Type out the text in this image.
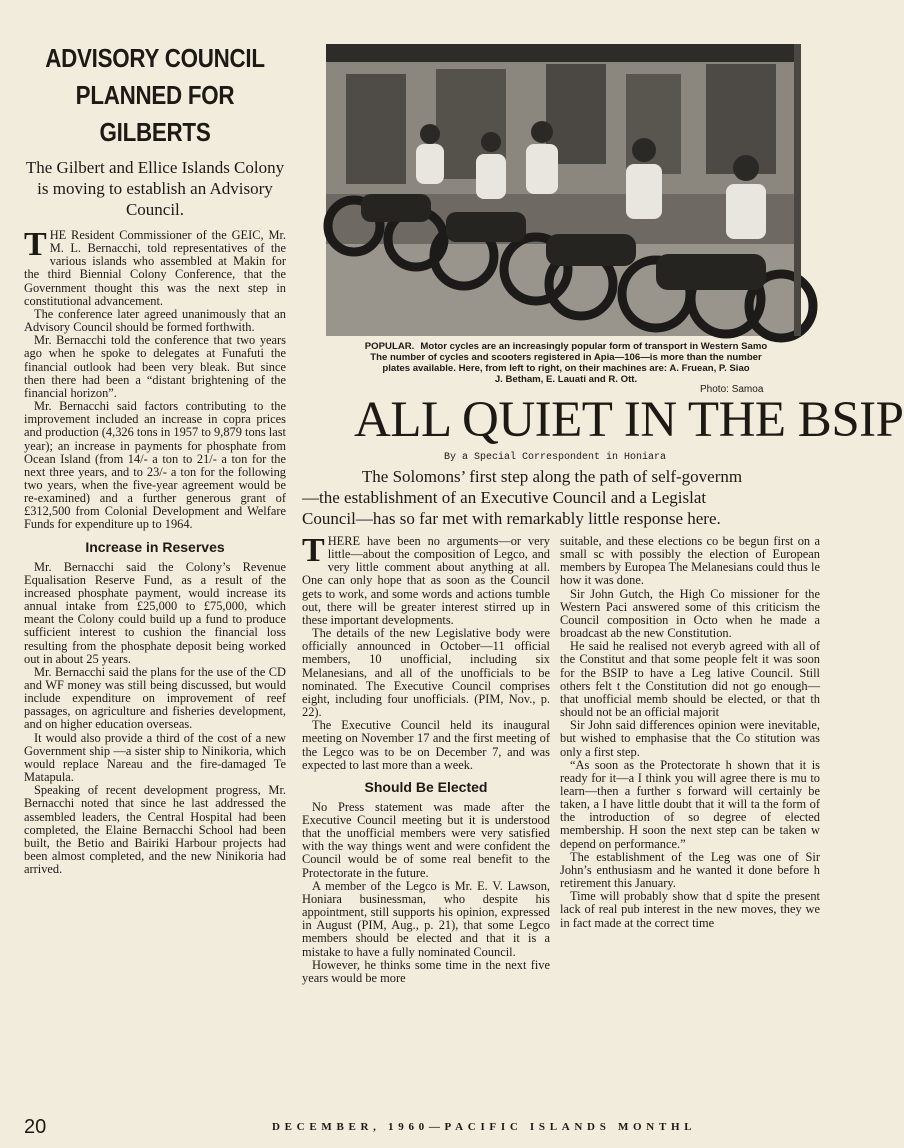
ADVISORY COUNCIL
PLANNED FOR
GILBERTS

The Gilbert and Ellice Islands Colony is moving to establish an Advisory Council.

THE Resident Commissioner of the GEIC, Mr. M. L. Bernacchi, told representatives of the various islands who assembled at Makin for the third Biennial Colony Conference, that the Government thought this was the next step in constitutional advancement.

The conference later agreed unanimously that an Advisory Council should be formed forthwith.

Mr. Bernacchi told the conference that two years ago when he spoke to delegates at Funafuti the financial outlook had been very bleak. But since then there had been a “distant brightening of the financial horizon”.

Mr. Bernacchi said factors contributing to the improvement included an increase in copra prices and production (4,326 tons in 1957 to 9,879 tons last year); an increase in payments for phosphate from Ocean Island (from 14/- a ton to 21/- a ton for the next three years, and to 23/- a ton for the following two years, when the five-year agreement would be re-examined) and a further generous grant of £312,500 from Colonial Development and Welfare Funds for expenditure up to 1964.

Increase in Reserves

Mr. Bernacchi said the Colony’s Revenue Equalisation Reserve Fund, as a result of the increased phosphate payment, would increase its annual intake from £25,000 to £75,000, which meant the Colony could build up a fund to produce sufficient interest to cushion the financial loss resulting from the phosphate deposit being worked out in about 25 years.

Mr. Bernacchi said the plans for the use of the CD and WF money was still being discussed, but would include expenditure on improvement of reef passages, on agriculture and fisheries development, and on higher education overseas.

It would also provide a third of the cost of a new Government ship —a sister ship to Ninikoria, which would replace Nareau and the fire-damaged Te Matapula.

Speaking of recent development progress, Mr. Bernacchi noted that since he last addressed the assembled leaders, the Central Hospital had been completed, the Elaine Bernacchi School had been built, the Betio and Bairiki Harbour projects had been almost completed, and the new Ninikoria had arrived.

POPULAR. Motor cycles are an increasingly popular form of transport in Western Samo
The number of cycles and scooters registered in Apia—106—is more than the number
plates available. Here, from left to right, on their machines are: A. Fruean, P. Siao
J. Betham, E. Lauati and R. Ott.
Photo: Samoa
ALL QUIET IN THE BSIP
By a Special Correspondent in Honiara
The Solomons’ first step along the path of self-governm
—the establishment of an Executive Council and a Legislat
Council—has so far met with remarkably little response here.

THERE have been no arguments—or very little—about the composition of Legco, and very little comment about anything at all. One can only hope that as soon as the Council gets to work, and some words and actions tumble out, there will be greater interest stirred up in these important developments.

The details of the new Legislative body were officially announced in October—11 official members, 10 unofficial, including six Melanesians, and all of the unofficials to be nominated. The Executive Council comprises eight, including four unofficials. (PIM, Nov., p. 22).

The Executive Council held its inaugural meeting on November 17 and the first meeting of the Legco was to be on December 7, and was expected to last more than a week.

Should Be Elected

No Press statement was made after the Executive Council meeting but it is understood that the unofficial members were very satisfied with the way things went and were confident the Council would be of some real benefit to the Protectorate in the future.

A member of the Legco is Mr. E. V. Lawson, Honiara businessman, who despite his appointment, still supports his opinion, expressed in August (PIM, Aug., p. 21), that some Legco members should be elected and that it is a mistake to have a fully nominated Council.

However, he thinks some time in the next five years would be more

suitable, and these elections co be begun first on a small sc with possibly the election of European members by Europea The Melanesians could thus le how it was done.

Sir John Gutch, the High Co missioner for the Western Paci answered some of this criticism the Council composition in Octo when he made a broadcast ab the new Constitution.

He said he realised not everyb agreed with all of the Constitut and that some people felt it was soon for the BSIP to have a Leg lative Council. Still others felt t the Constitution did not go enough—that unofficial memb should be elected, or that th should not be an official majorit

Sir John said differences opinion were inevitable, but wished to emphasise that the Co stitution was only a first step.

“As soon as the Protectorate h shown that it is ready for it—a I think you will agree there is mu to learn—then a further s forward will certainly be taken, a I have little doubt that it will ta the form of the introduction of so degree of elected membership. H soon the next step can be taken w depend on performance.”

The establishment of the Leg was one of Sir John’s enthusiasm and he wanted it done before h retirement this January.

Time will probably show that d spite the present lack of real pub interest in the new moves, they we in fact made at the correct time

20	DECEMBER, 1960—PACIFIC ISLANDS MONTHL
